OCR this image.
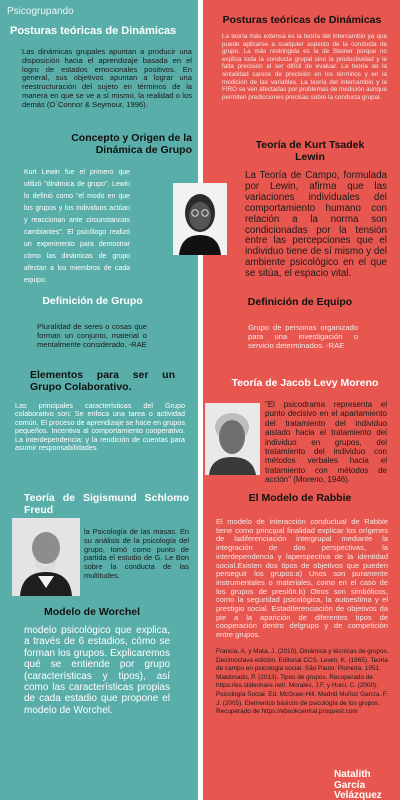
Psicogrupando
Posturas teóricas de Dinámicas
Las dinámicas grupales apuntan a producir una disposición hacia el aprendizaje basada en el logro de estados emocionales positivos. En general, sus objetivos apuntan a lograr una reestructuración del sujeto en términos de la manera en que se ve a sí mismo, la realidad o los demás (O´Connor & Seymour, 1996).
Concepto y Origen de la Dinámica de Grupo
Kurt Lewin fue el primero que utilizó "dinámica de grupo". Lewin lo definió como "el modo en que los grupos y los individuos actúan y reaccionan ante circunstancias cambiantes". El psicólogo realizó un experimento para demostrar cómo las dinámicas de grupo afectan a los miembros de cada equipo.
Definición de Grupo
Pluralidad de seres o cosas que forman un conjunto, material o mentalmente considerado. -RAE
Elementos para ser un Grupo Colaborativo.
Las principales características del Grupo colaborativo son: Se enfoca una tarea o actividad común. El proceso de aprendizaje se hace en grupos pequeños. Incentiva al comportamiento cooperativo. La interdependencia; y la rendición de cuentas para asumir responsabilidades.
Teoría de Sigismund Schlomo Freud
la Psicología de las masas. En su análisis de la psicología del grupo, tomó como punto de partida el estudio de G. Le Bon sobre la conducta de las multitudes.
Modelo de Worchel
modelo psicológico que explica, a través de 6 estadios, cómo se forman los grupos. Explicaremos qué se entiende por grupo (características y tipos), así como las características propias de cada estadio que propone el modelo de Worchel.
Posturas teóricas de Dinámicas
La teoría más extensa es la teoría del intercambio ya que puede aplicarse a cualquier aspecto de la conducta de grupo. La más restringida es la de Steiner porque no explica toda la conducta grupal sino la productividad y le falta precisión al ser difícil de evaluar. La teoría de la sintalidad carece de precisión en los términos y en la medición de las variables. La teoría del intercambio y la FIRO se ven afectadas por problemas de medición aunque permiten predicciones precisas sobre la conducta grupal.
Teoría de Kurt Tsadek Lewin
La Teoría de Campo, formulada por Lewin, afirma que las variaciones individuales del comportamiento humano con relación a la norma son condicionadas por la tensión entre las percepciones que el individuo tiene de sí mismo y del ambiente psicológico en el que se sitúa, el espacio vital.
Definición de Equipo
Grupo de personas organizado para una investigación o servicio determinados. -RAE
Teoría de Jacob Levy Moreno
"El psicodrama representa el punto decisivo en el apartamiento del tratamiento del individuo aislado hacia el tratamiento del individuo en grupos, del tratamiento del individuo con métodos verbales hacia el tratamiento con métodos de acción" (Moreno, 1946).
El Modelo de Rabbie
El modelo de interacción conductual de Rabbie tiene como principal finalidad explicar los orígenes de ladiferenciación intergrupal mediante la integración de dos perspectivas, la interdependencia y laperspectiva de la identidad social.Existen dos tipos de objetivos que pueden perseguir los grupos:a) Unos son puramente instrumentales o materiales, como en el caso de los grupos de presión.b) Otros son simbólicos, como la seguridad psicológica, la autoestima y el prestigio social. Estadiferenciación de objetivos da pie a la aparición de diferentes tipos de cooperación dentro delgrupo y de competición entre grupos.
Francia, A. y Mata, J. (2010). Dinámica y técnicas de grupos. Decimoctava edición. Editorial CCS. Lewin, K. (1965). Teoria de campo en psicologia social. São Paulo: Pioneira, 1951. Maldonado, P. (2013). Tipos de grupos. Recuperado de https://es.slideshare.net/. Morales, J.F. y Huici, C. (2000). Psicología Social. Ed. McGraw-Hill. Madrid Muñoz García. F. J. (2005). Elementos básicos de psicología de los grupos. Recuperado de https://ebookcentral.proquest.com
Natalith García Velázquez
